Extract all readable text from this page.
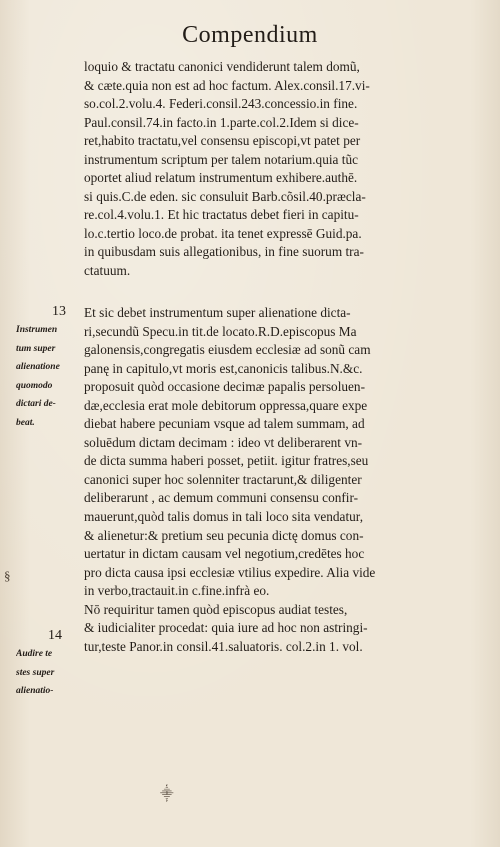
Compendium
loquio & tractatu canonici vendiderunt talem domũ,
& cæte.quia non est ad hoc factum. Alex.consil.17.vi-
so.col.2.volu.4. Federi.consil.243.concessio.in fine.
Paul.consil.74.in facto.in 1.parte.col.2.Idem si dice-
ret,habito tractatu,vel consensu episcopi,vt patet per
instrumentum scriptum per talem notarium.quia tũc
oportet aliud relatum instrumentum exhibere.authē.
si quis.C.de eden. sic consuluit Barb.cõsil.40.præcla-
re.col.4.volu.1. Et hic tractatus debet fieri in capitu-
lo.c.tertio loco.de probat. ita tenet expressē Guid.pa.
in quibusdam suis allegationibus, in fine suorum tra-
ctatuum.
13
Instrumen
tum super
alienatione
quomodo
dictari de-
beat.
Et sic debet instrumentum super alienatione dicta-
ri,secundũ Specu.in tit.de locato.R.D.episcopus Ma
galonensis,congregatis eiusdem ecclesiæ ad sonũ cam
panę in capitulo,vt moris est,canonicis talibus.N.&c.
proposuit quòd occasione decimæ papalis persoluen-
dæ,ecclesia erat mole debitorum oppressa,quare expe
diebat habere pecuniam vsque ad talem summam, ad
soluēdum dictam decimam : ideo vt deliberarent vn-
de dicta summa haberi posset, petiit. igitur fratres,seu
canonici super hoc solenniter tractarunt,& diligenter
deliberarunt , ac demum communi consensu confir-
mauerunt,quòd talis domus in tali loco sita vendatur,
& alienetur:& pretium seu pecunia dictę domus con-
uertatur in dictam causam vel negotium,credētes hoc
pro dicta causa ipsi ecclesiæ vtilius expedire. Alia vide
in verbo,tractauit.in c.fine.infrà eo.
Nō requiritur tamen quòd episcopus audiat testes,
& iudicialiter procedat: quia iure ad hoc non astringi-
tur,teste Panor.in consil.41.saluatoris. col.2.in 1. vol.
14
Audire te
stes super
alienatio-
§
⸎
